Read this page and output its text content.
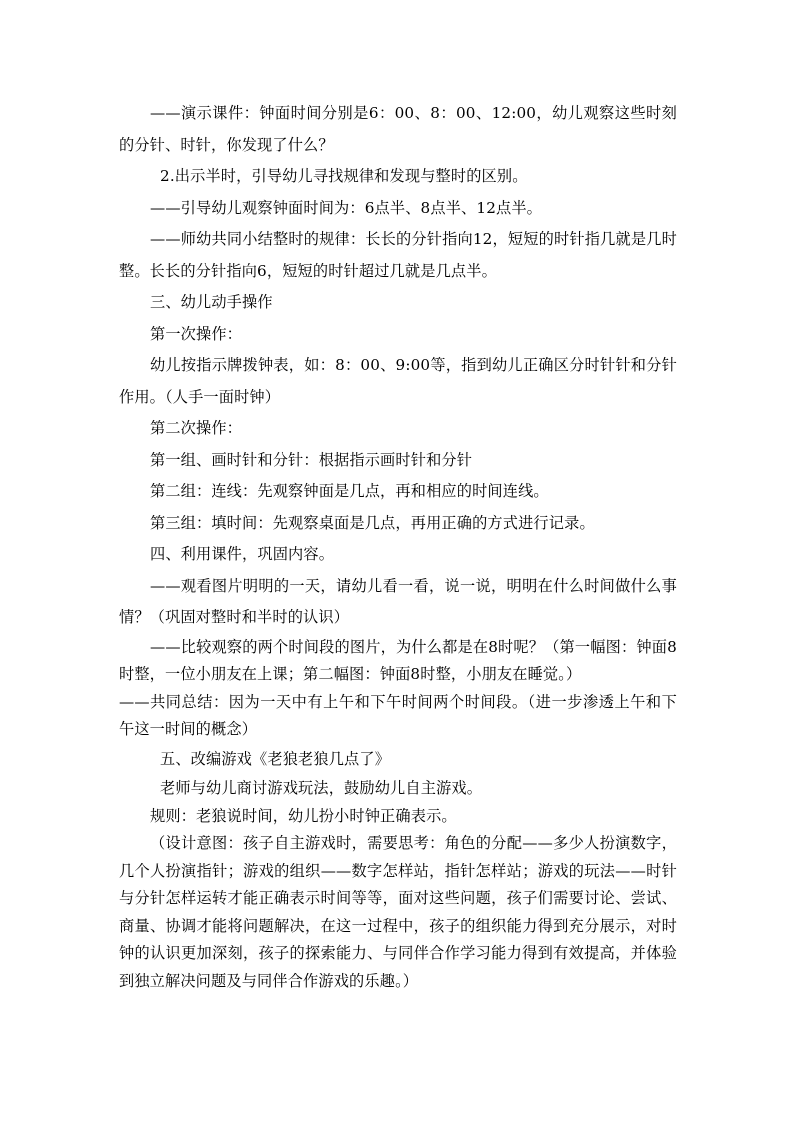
——演示课件：钟面时间分别是6：00、8：00、12:00，幼儿观察这些时刻的分针、时针，你发现了什么？

2.出示半时，引导幼儿寻找规律和发现与整时的区别。

——引导幼儿观察钟面时间为：6点半、8点半、12点半。

——师幼共同小结整时的规律：长长的分针指向12，短短的时针指几就是几时整。长长的分针指向6，短短的时针超过几就是几点半。

三、幼儿动手操作

第一次操作：

幼儿按指示牌拨钟表，如：8：00、9:00等，指到幼儿正确区分时针针和分针作用。（人手一面时钟）

第二次操作：

第一组、画时针和分针：根据指示画时针和分针

第二组：连线：先观察钟面是几点，再和相应的时间连线。

第三组：填时间：先观察桌面是几点，再用正确的方式进行记录。

四、利用课件，巩固内容。

——观看图片明明的一天，请幼儿看一看，说一说，明明在什么时间做什么事情？（巩固对整时和半时的认识）

——比较观察的两个时间段的图片，为什么都是在8时呢？（第一幅图：钟面8时整，一位小朋友在上课；第二幅图：钟面8时整，小朋友在睡觉。）

——共同总结：因为一天中有上午和下午时间两个时间段。（进一步渗透上午和下午这一时间的概念）

五、改编游戏《老狼老狼几点了》

老师与幼儿商讨游戏玩法，鼓励幼儿自主游戏。

规则：老狼说时间，幼儿扮小时钟正确表示。

（设计意图：孩子自主游戏时，需要思考：角色的分配——多少人扮演数字，几个人扮演指针；游戏的组织——数字怎样站，指针怎样站；游戏的玩法——时针与分针怎样运转才能正确表示时间等等，面对这些问题，孩子们需要讨论、尝试、商量、协调才能将问题解决，在这一过程中，孩子的组织能力得到充分展示，对时钟的认识更加深刻，孩子的探索能力、与同伴合作学习能力得到有效提高，并体验到独立解决问题及与同伴合作游戏的乐趣。）
